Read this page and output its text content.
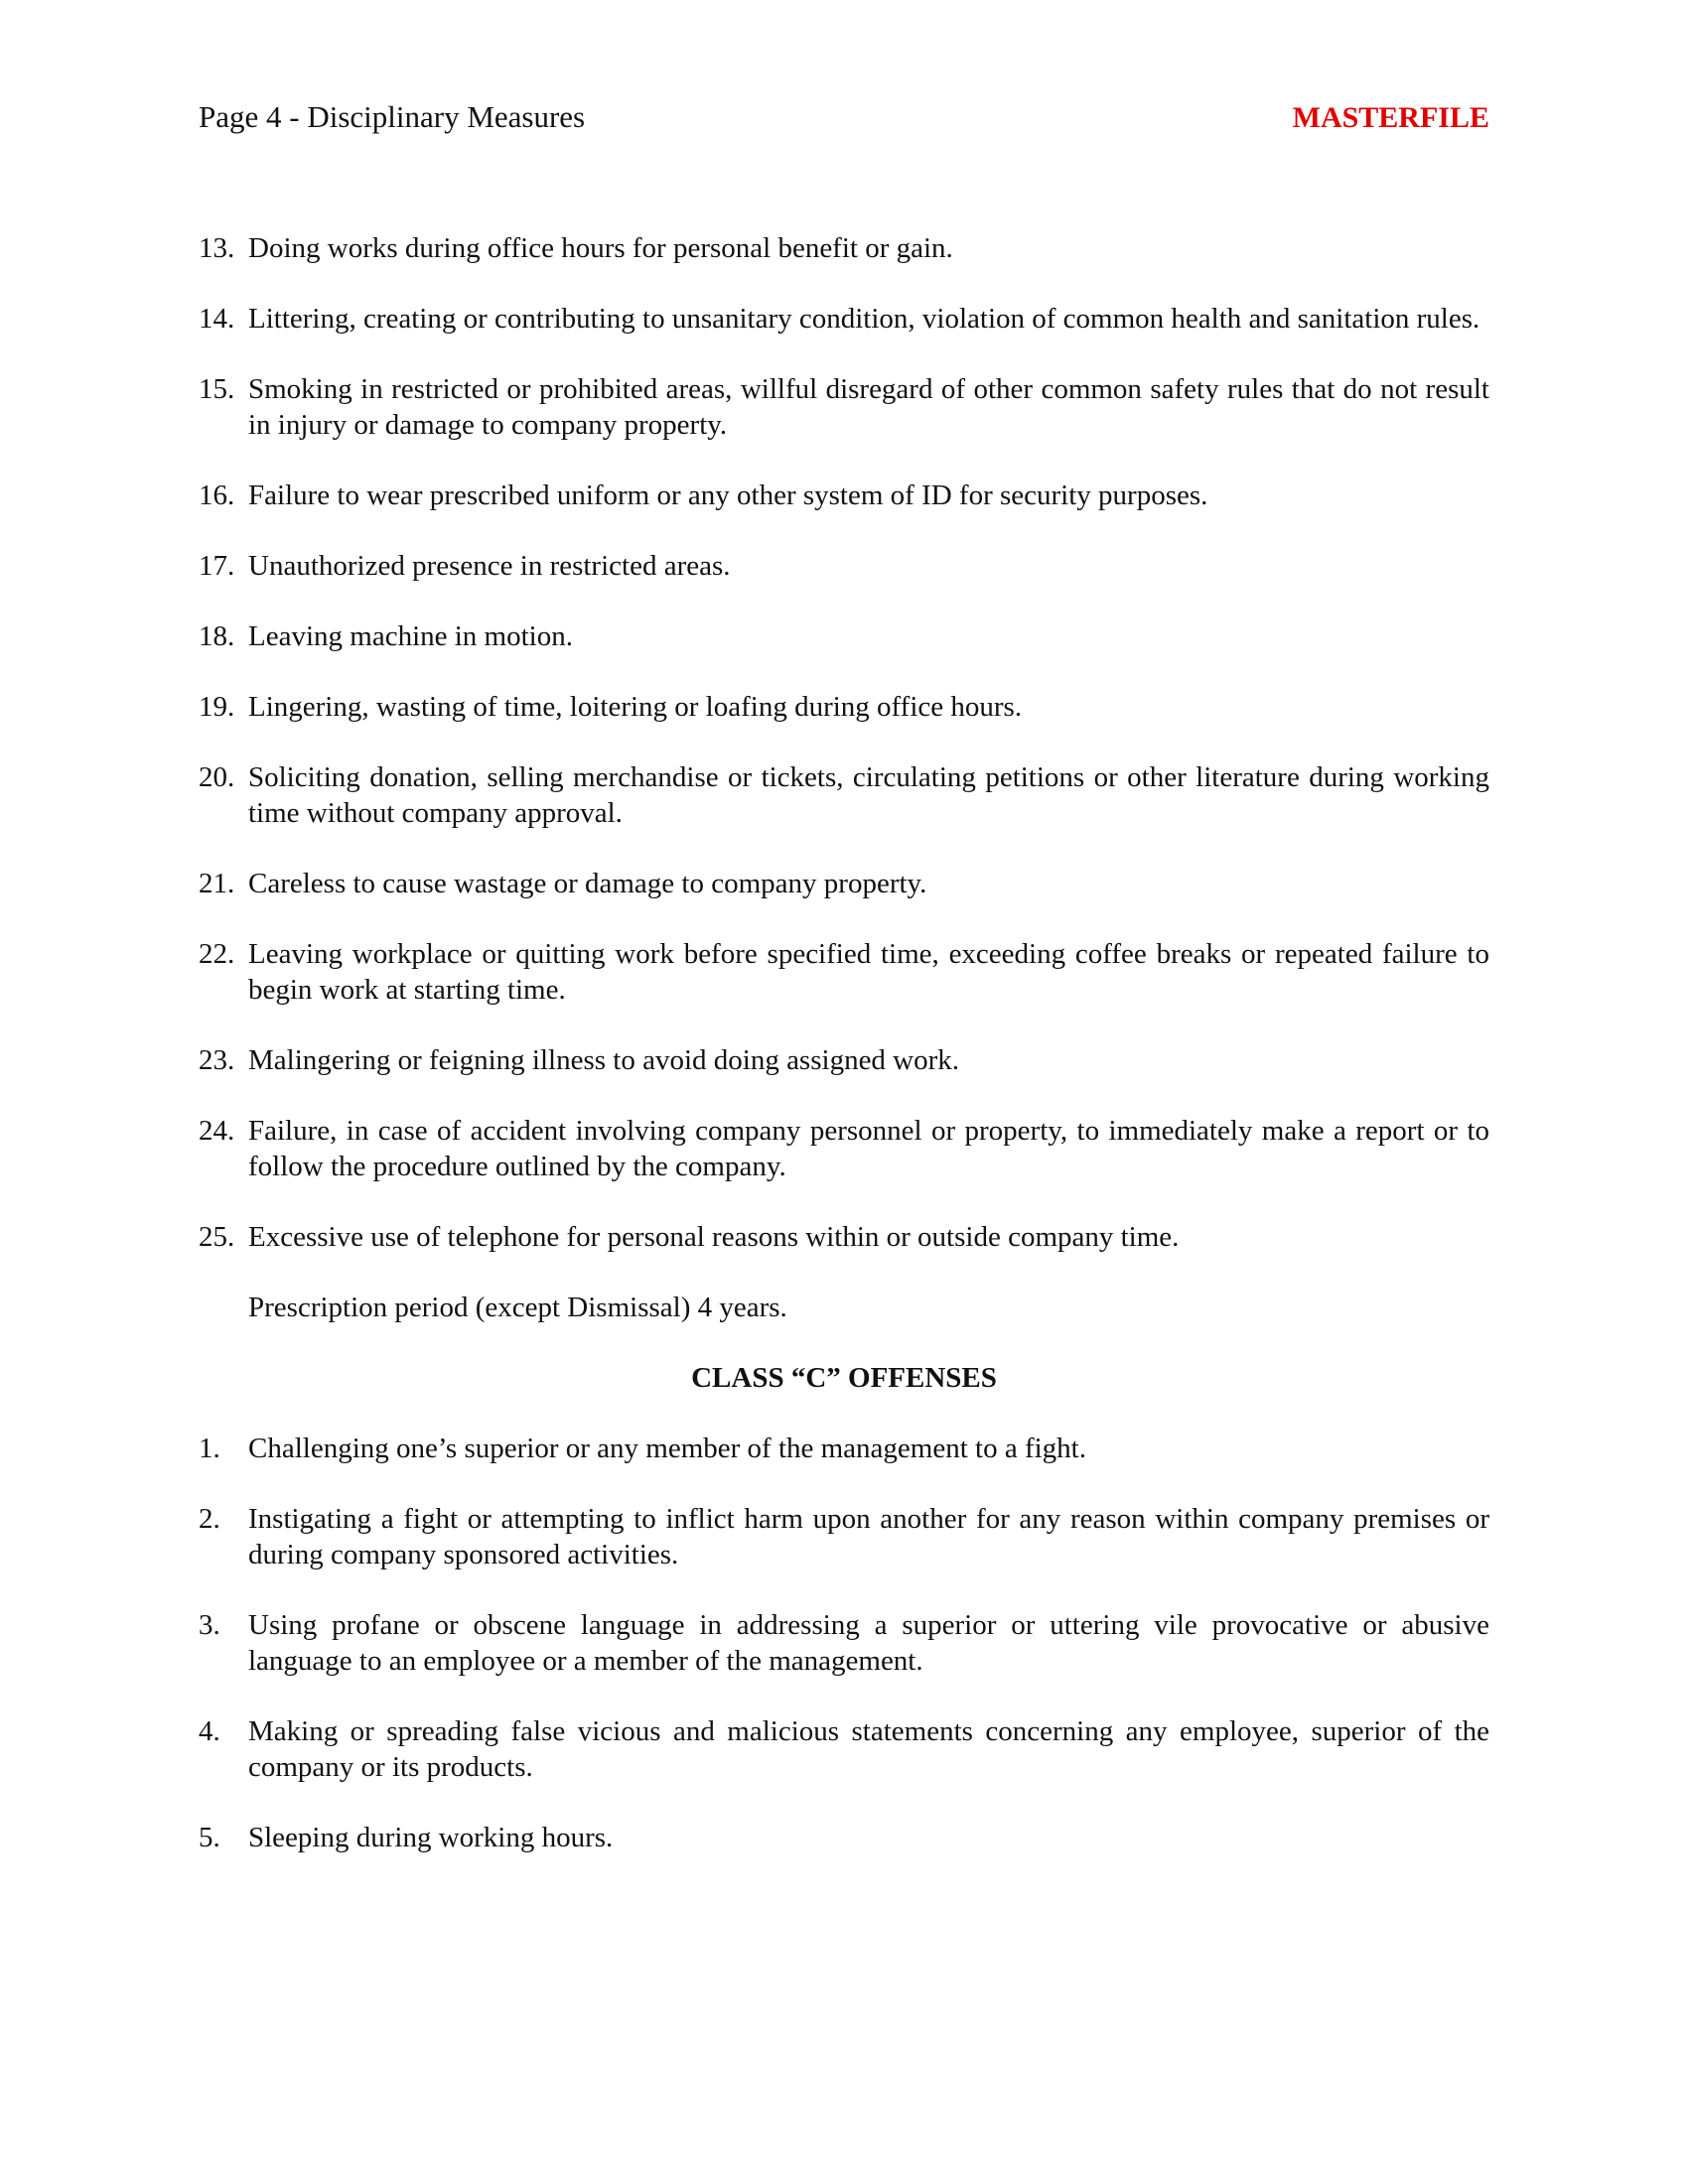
Page 4 - Disciplinary Measures	MASTERFILE
13. Doing works during office hours for personal benefit or gain.
14. Littering, creating or contributing to unsanitary condition, violation of common health and sanitation rules.
15. Smoking in restricted or prohibited areas, willful disregard of other common safety rules that do not result in injury or damage to company property.
16. Failure to wear prescribed uniform or any other system of ID for security purposes.
17. Unauthorized presence in restricted areas.
18. Leaving machine in motion.
19. Lingering, wasting of time, loitering or loafing during office hours.
20. Soliciting donation, selling merchandise or tickets, circulating petitions or other literature during working time without company approval.
21. Careless to cause wastage or damage to company property.
22. Leaving workplace or quitting work before specified time, exceeding coffee breaks or repeated failure to begin work at starting time.
23. Malingering or feigning illness to avoid doing assigned work.
24. Failure, in case of accident involving company personnel or property, to immediately make a report or to follow the procedure outlined by the company.
25. Excessive use of telephone for personal reasons within or outside company time.
Prescription period (except Dismissal) 4 years.
CLASS “C” OFFENSES
1. Challenging one’s superior or any member of the management to a fight.
2. Instigating a fight or attempting to inflict harm upon another for any reason within company premises or during company sponsored activities.
3. Using profane or obscene language in addressing a superior or uttering vile provocative or abusive language to an employee or a member of the management.
4. Making or spreading false vicious and malicious statements concerning any employee, superior of the company or its products.
5. Sleeping during working hours.
